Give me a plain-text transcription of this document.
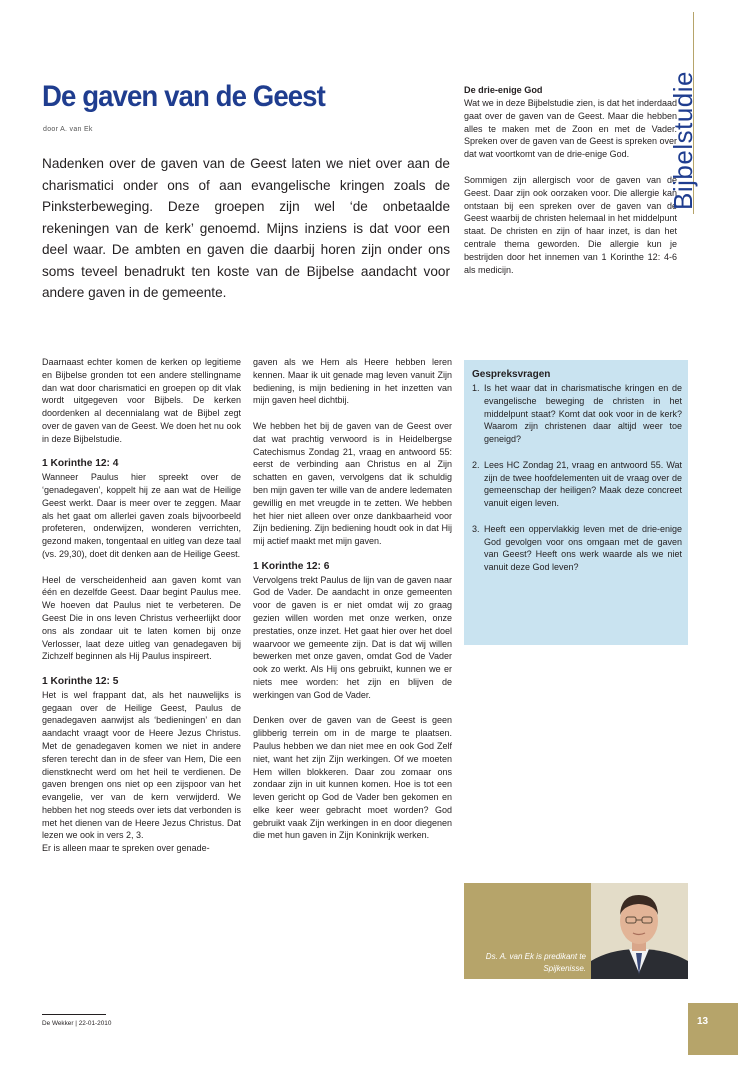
De gaven van de Geest
door A. van Ek

Nadenken over de gaven van de Geest laten we niet over aan de charismatici onder ons of aan evangelische kringen zoals de Pinksterbeweging. Deze groepen zijn wel ‘de onbetaalde rekeningen van de kerk’ genoemd. Mijns inziens is dat voor een deel waar. De ambten en gaven die daarbij horen zijn onder ons soms teveel benadrukt ten koste van de Bijbelse aandacht voor andere gaven in de gemeente.

De drie-enige God

Wat we in deze Bijbelstudie zien, is dat het inderdaad gaat over de gaven van de Geest. Maar die hebben alles te maken met de Zoon en met de Vader. Spreken over de gaven van de Geest is spreken over dat wat voortkomt van de drie-enige God.

Sommigen zijn allergisch voor de gaven van de Geest. Daar zijn ook oorzaken voor. Die allergie kan ontstaan bij een spreken over de gaven van de Geest waarbij de christen helemaal in het middelpunt staat. De christen en zijn of haar inzet, is dan het centrale thema geworden. Die allergie kun je bestrijden door het innemen van 1 Korinthe 12: 4-6 als medicijn.

Bijbelstudie

Daarnaast echter komen de kerken op legitieme en Bijbelse gronden tot een andere stellingname dan wat door charismatici en groepen op dit vlak wordt uitgegeven voor Bijbels. De kerken doordenken al decennialang wat de Bijbel zegt over de gaven van de Geest. We doen het nu ook in deze Bijbelstudie.

1 Korinthe 12: 4

Wanneer Paulus hier spreekt over de ‘genadegaven’, koppelt hij ze aan wat de Heilige Geest werkt. Daar is meer over te zeggen. Maar als het gaat om allerlei gaven zoals bijvoorbeeld profeteren, onderwijzen, wonderen verrichten, gezond maken, tongentaal en uitleg van deze taal (vs. 29,30), doet dit denken aan de Heilige Geest.

Heel de verscheidenheid aan gaven komt van één en dezelfde Geest. Daar begint Paulus mee. We hoeven dat Paulus niet te verbeteren. De Geest Die in ons leven Christus verheerlijkt door ons als zondaar uit te laten komen bij onze Verlosser, laat deze uitleg van genadegaven bij Zichzelf beginnen als Hij Paulus inspireert.

1 Korinthe 12: 5

Het is wel frappant dat, als het nauwelijks is gegaan over de Heilige Geest, Paulus de genadegaven aanwijst als ‘bedieningen’ en dan aandacht vraagt voor de Heere Jezus Christus. Met de genadegaven komen we niet in andere sferen terecht dan in de sfeer van Hem, Die een dienstknecht werd om het heil te verdienen. De gaven brengen ons niet op een zijspoor van het evangelie, ver van de kern verwijderd. We hebben het nog steeds over iets dat verbonden is met het dienen van de Heere Jezus Christus. Dat lezen we ook in vers 2, 3.

Er is alleen maar te spreken over genade-

gaven als we Hem als Heere hebben leren kennen. Maar ik uit genade mag leven vanuit Zijn bediening, is mijn bediening in het inzetten van mijn gaven heel dichtbij.

We hebben het bij de gaven van de Geest over dat wat prachtig verwoord is in Heidelbergse Catechismus Zondag 21, vraag en antwoord 55: eerst de verbinding aan Christus en al Zijn schatten en gaven, vervolgens dat ik schuldig ben mijn gaven ter wille van de andere ledematen gewillig en met vreugde in te zetten. We hebben het hier niet alleen over onze dankbaarheid voor Zijn bediening. Zijn bediening houdt ook in dat Hij mij actief maakt met mijn gaven.

1 Korinthe 12: 6

Vervolgens trekt Paulus de lijn van de gaven naar God de Vader. De aandacht in onze gemeenten voor de gaven is er niet omdat wij zo graag gezien willen worden met onze werken, onze prestaties, onze inzet. Het gaat hier over het doel waarvoor we gemeente zijn. Dat is dat wij willen bewerken met onze gaven, omdat God de Vader ook zo werkt. Als Hij ons gebruikt, kunnen we er niets mee worden: het zijn en blijven de werkingen van God de Vader.

Denken over de gaven van de Geest is geen glibberig terrein om in de marge te plaatsen. Paulus hebben we dan niet mee en ook God Zelf niet, want het zijn Zijn werkingen. Of we moeten Hem willen blokkeren. Daar zou zomaar ons zondaar zijn in uit kunnen komen. Hoe is tot een leven gericht op God de Vader ben gekomen en elke keer weer gebracht moet worden? God gebruikt vaak Zijn werkingen in en door diegenen die met hun gaven in Zijn Koninkrijk werken.

1. Is het waar dat in charismatische kringen en de evangelische beweging de christen in het middelpunt staat? Komt dat ook voor in de kerk? Waarom zijn christenen daar altijd weer toe geneigd?
2. Lees HC Zondag 21, vraag en antwoord 55. Wat zijn de twee hoofdelementen uit de vraag over de gemeenschap der heiligen? Maak deze concreet vanuit eigen leven.
3. Heeft een oppervlakkig leven met de drie-enige God gevolgen voor ons omgaan met de gaven van Geest? Heeft ons werk waarde als we niet vanuit deze God leven?
Gespreksvragen
Ds. A. van Ek is predikant te Spijkenisse.
De Wekker | 22-01-2010	13
